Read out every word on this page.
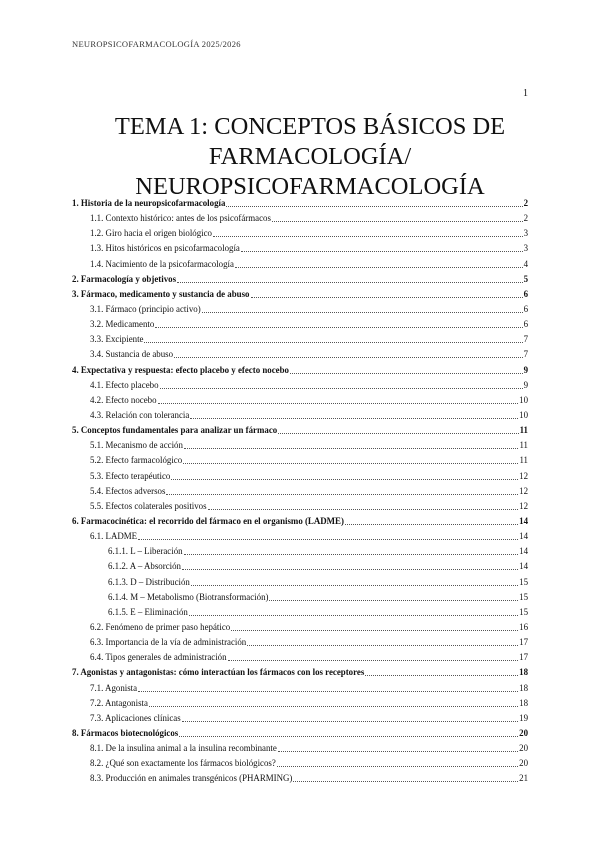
NEUROPSICOFARMACOLOGÍA 2025/2026
1
TEMA 1: CONCEPTOS BÁSICOS DE
FARMACOLOGÍA/
NEUROPSICOFARMACOLOGÍA
1. Historia de la neuropsicofarmacología	2
1.1. Contexto histórico: antes de los psicofármacos	2
1.2. Giro hacia el origen biológico	3
1.3. Hitos históricos en psicofarmacología	3
1.4. Nacimiento de la psicofarmacología	4
2. Farmacología y objetivos	5
3. Fármaco, medicamento y sustancia de abuso	6
3.1. Fármaco (principio activo)	6
3.2. Medicamento	6
3.3. Excipiente	7
3.4. Sustancia de abuso	7
4. Expectativa y respuesta: efecto placebo y efecto nocebo	9
4.1. Efecto placebo	9
4.2. Efecto nocebo	10
4.3. Relación con tolerancia	10
5. Conceptos fundamentales para analizar un fármaco	11
5.1. Mecanismo de acción	11
5.2. Efecto farmacológico	11
5.3. Efecto terapéutico	12
5.4. Efectos adversos	12
5.5. Efectos colaterales positivos	12
6. Farmacocinética: el recorrido del fármaco en el organismo (LADME)	14
6.1. LADME	14
6.1.1. L – Liberación	14
6.1.2. A – Absorción	14
6.1.3. D – Distribución	15
6.1.4. M – Metabolismo (Biotransformación)	15
6.1.5. E – Eliminación	15
6.2. Fenómeno de primer paso hepático	16
6.3. Importancia de la vía de administración	17
6.4. Tipos generales de administración	17
7. Agonistas y antagonistas: cómo interactúan los fármacos con los receptores	18
7.1. Agonista	18
7.2. Antagonista	18
7.3. Aplicaciones clínicas	19
8. Fármacos biotecnológicos	20
8.1. De la insulina animal a la insulina recombinante	20
8.2. ¿Qué son exactamente los fármacos biológicos?	20
8.3. Producción en animales transgénicos (PHARMING)	21
